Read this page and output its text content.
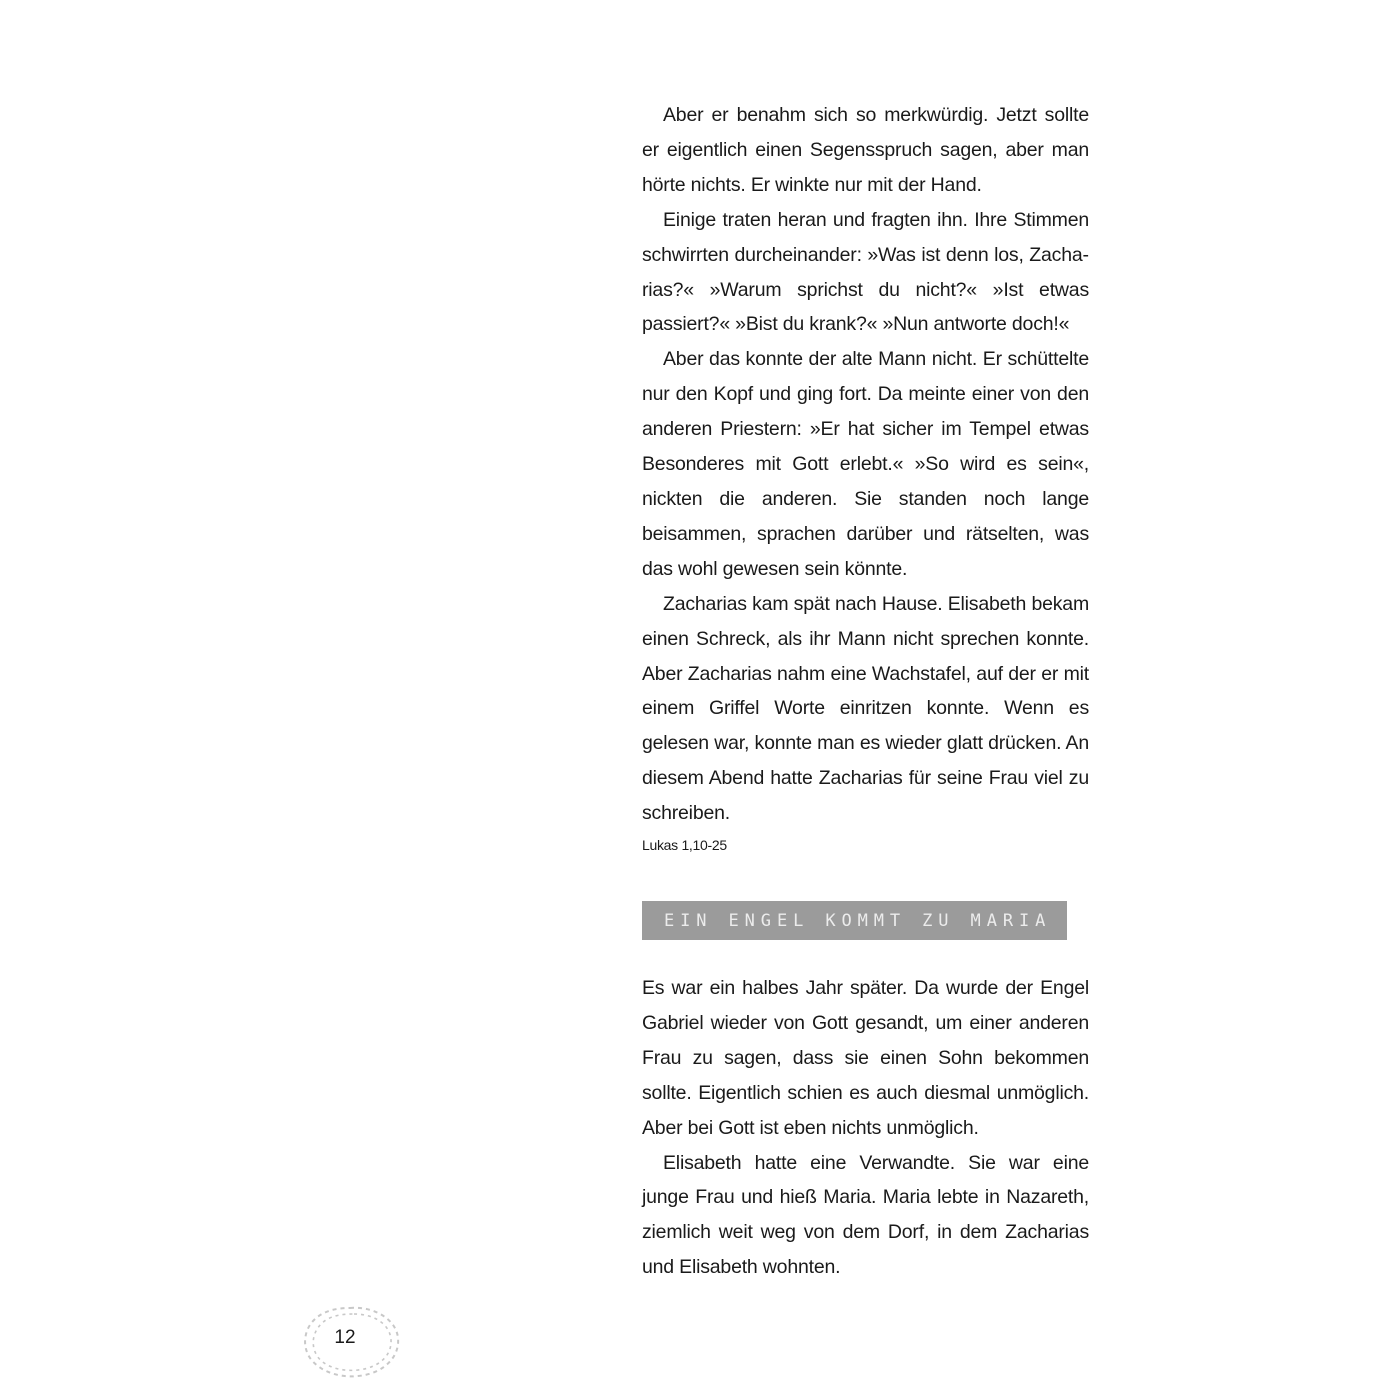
Aber er benahm sich so merkwürdig. Jetzt sollte er eigentlich einen Segensspruch sagen, aber man hörte nichts. Er winkte nur mit der Hand.

Einige traten heran und fragten ihn. Ihre Stimmen schwirrten durcheinander: »Was ist denn los, Zacharias?« »Warum sprichst du nicht?« »Ist etwas passiert?« »Bist du krank?« »Nun antworte doch!«

Aber das konnte der alte Mann nicht. Er schüttelte nur den Kopf und ging fort. Da meinte einer von den anderen Priestern: »Er hat sicher im Tempel etwas Besonderes mit Gott erlebt.« »So wird es sein«, nickten die anderen. Sie standen noch lange beisammen, sprachen darüber und rätselten, was das wohl gewesen sein könnte.

Zacharias kam spät nach Hause. Elisabeth bekam einen Schreck, als ihr Mann nicht sprechen konnte. Aber Zacharias nahm eine Wachstafel, auf der er mit einem Griffel Worte einritzen konnte. Wenn es gelesen war, konnte man es wieder glatt drücken. An diesem Abend hatte Zacharias für seine Frau viel zu schreiben.

Lukas 1,10-25

EIN ENGEL KOMMT ZU MARIA

Es war ein halbes Jahr später. Da wurde der Engel Gabriel wieder von Gott gesandt, um einer anderen Frau zu sagen, dass sie einen Sohn bekommen sollte. Eigentlich schien es auch diesmal unmöglich. Aber bei Gott ist eben nichts unmöglich.

Elisabeth hatte eine Verwandte. Sie war eine junge Frau und hieß Maria. Maria lebte in Nazareth, ziemlich weit weg von dem Dorf, in dem Zacharias und Elisabeth wohnten.

12
